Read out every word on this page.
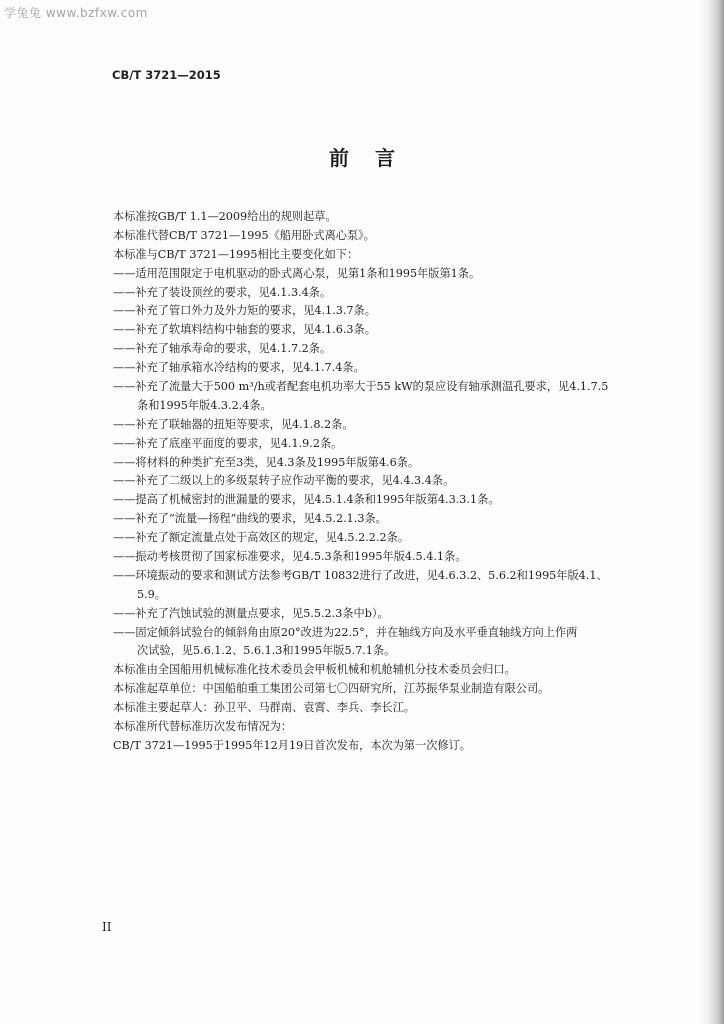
学兔兔 www.bzfxw.com
CB/T 3721—2015
前言
本标准按GB/T 1.1—2009给出的规则起草。
本标准代替CB/T 3721—1995《船用卧式离心泵》。
本标准与CB/T 3721—1995相比主要变化如下：
——适用范围限定于电机驱动的卧式离心泵，见第1条和1995年版第1条。
——补充了装设顶丝的要求，见4.1.3.4条。
——补充了管口外力及外力矩的要求，见4.1.3.7条。
——补充了软填料结构中轴套的要求，见4.1.6.3条。
——补充了轴承寿命的要求，见4.1.7.2条。
——补充了轴承箱水冷结构的要求，见4.1.7.4条。
——补充了流量大于500 m³/h或者配套电机功率大于55 kW的泵应设有轴承测温孔要求，见4.1.7.5
条和1995年版4.3.2.4条。
——补充了联轴器的扭矩等要求，见4.1.8.2条。
——补充了底座平面度的要求，见4.1.9.2条。
——将材料的种类扩充至3类，见4.3条及1995年版第4.6条。
——补充了二级以上的多级泵转子应作动平衡的要求，见4.4.3.4条。
——提高了机械密封的泄漏量的要求，见4.5.1.4条和1995年版第4.3.3.1条。
——补充了“流量—扬程”曲线的要求，见4.5.2.1.3条。
——补充了额定流量点处于高效区的规定，见4.5.2.2.2条。
——振动考核贯彻了国家标准要求，见4.5.3条和1995年版4.5.4.1条。
——环境振动的要求和测试方法参考GB/T 10832进行了改进，见4.6.3.2、5.6.2和1995年版4.1、
5.9。
——补充了汽蚀试验的测量点要求，见5.5.2.3条中b）。
——固定倾斜试验台的倾斜角由原20°改进为22.5°，并在轴线方向及水平垂直轴线方向上作两
次试验，见5.6.1.2、5.6.1.3和1995年版5.7.1条。
本标准由全国船用机械标准化技术委员会甲板机械和机舱辅机分技术委员会归口。
本标准起草单位：中国船舶重工集团公司第七〇四研究所，江苏振华泵业制造有限公司。
本标准主要起草人：孙卫平、马群南、袁霄、李兵、李长江。
本标准所代替标准历次发布情况为：
CB/T 3721—1995于1995年12月19日首次发布，本次为第一次修订。
II
